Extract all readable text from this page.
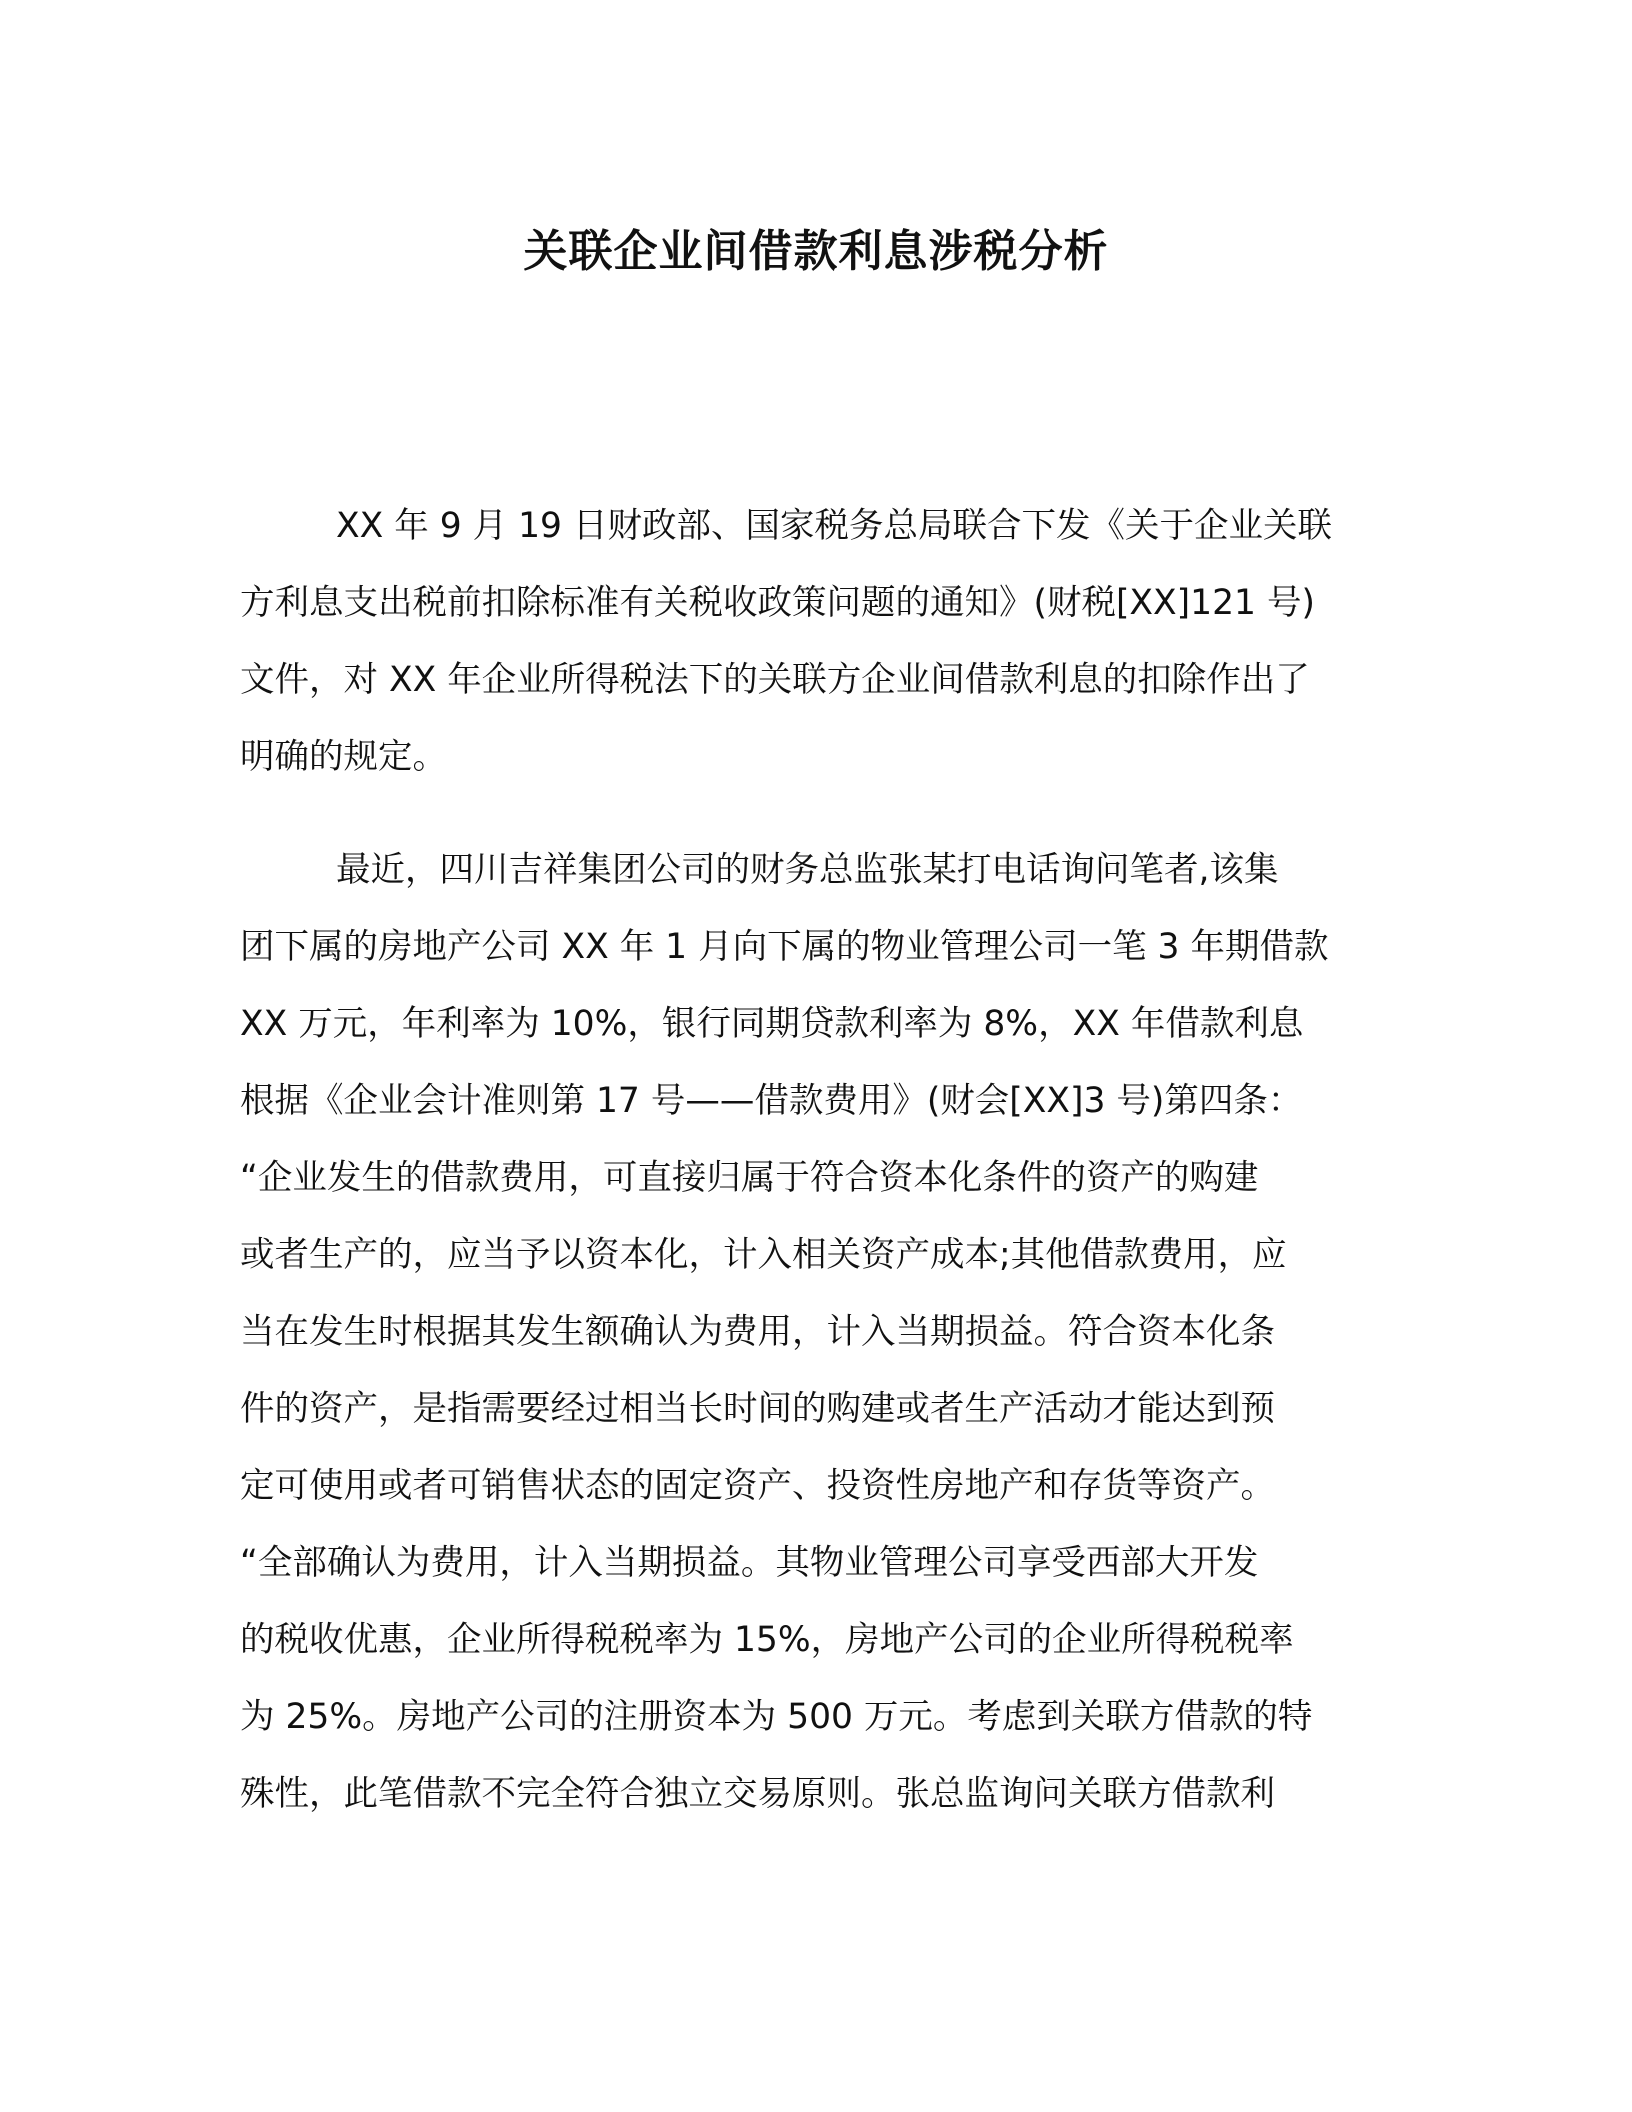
关联企业间借款利息涉税分析

XX 年 9 月 19 日财政部、国家税务总局联合下发《关于企业关联
方利息支出税前扣除标准有关税收政策问题的通知》(财税[XX]121 号)
文件，对 XX 年企业所得税法下的关联方企业间借款利息的扣除作出了
明确的规定。

最近，四川吉祥集团公司的财务总监张某打电话询问笔者,该集
团下属的房地产公司 XX 年 1 月向下属的物业管理公司一笔 3 年期借款
XX 万元，年利率为 10%，银行同期贷款利率为 8%，XX 年借款利息
根据《企业会计准则第 17 号——借款费用》(财会[XX]3 号)第四条：
“企业发生的借款费用，可直接归属于符合资本化条件的资产的购建
或者生产的，应当予以资本化，计入相关资产成本;其他借款费用，应
当在发生时根据其发生额确认为费用，计入当期损益。符合资本化条
件的资产，是指需要经过相当长时间的购建或者生产活动才能达到预
定可使用或者可销售状态的固定资产、投资性房地产和存货等资产。
“全部确认为费用，计入当期损益。其物业管理公司享受西部大开发
的税收优惠，企业所得税税率为 15%，房地产公司的企业所得税税率
为 25%。房地产公司的注册资本为 500 万元。考虑到关联方借款的特
殊性，此笔借款不完全符合独立交易原则。张总监询问关联方借款利
